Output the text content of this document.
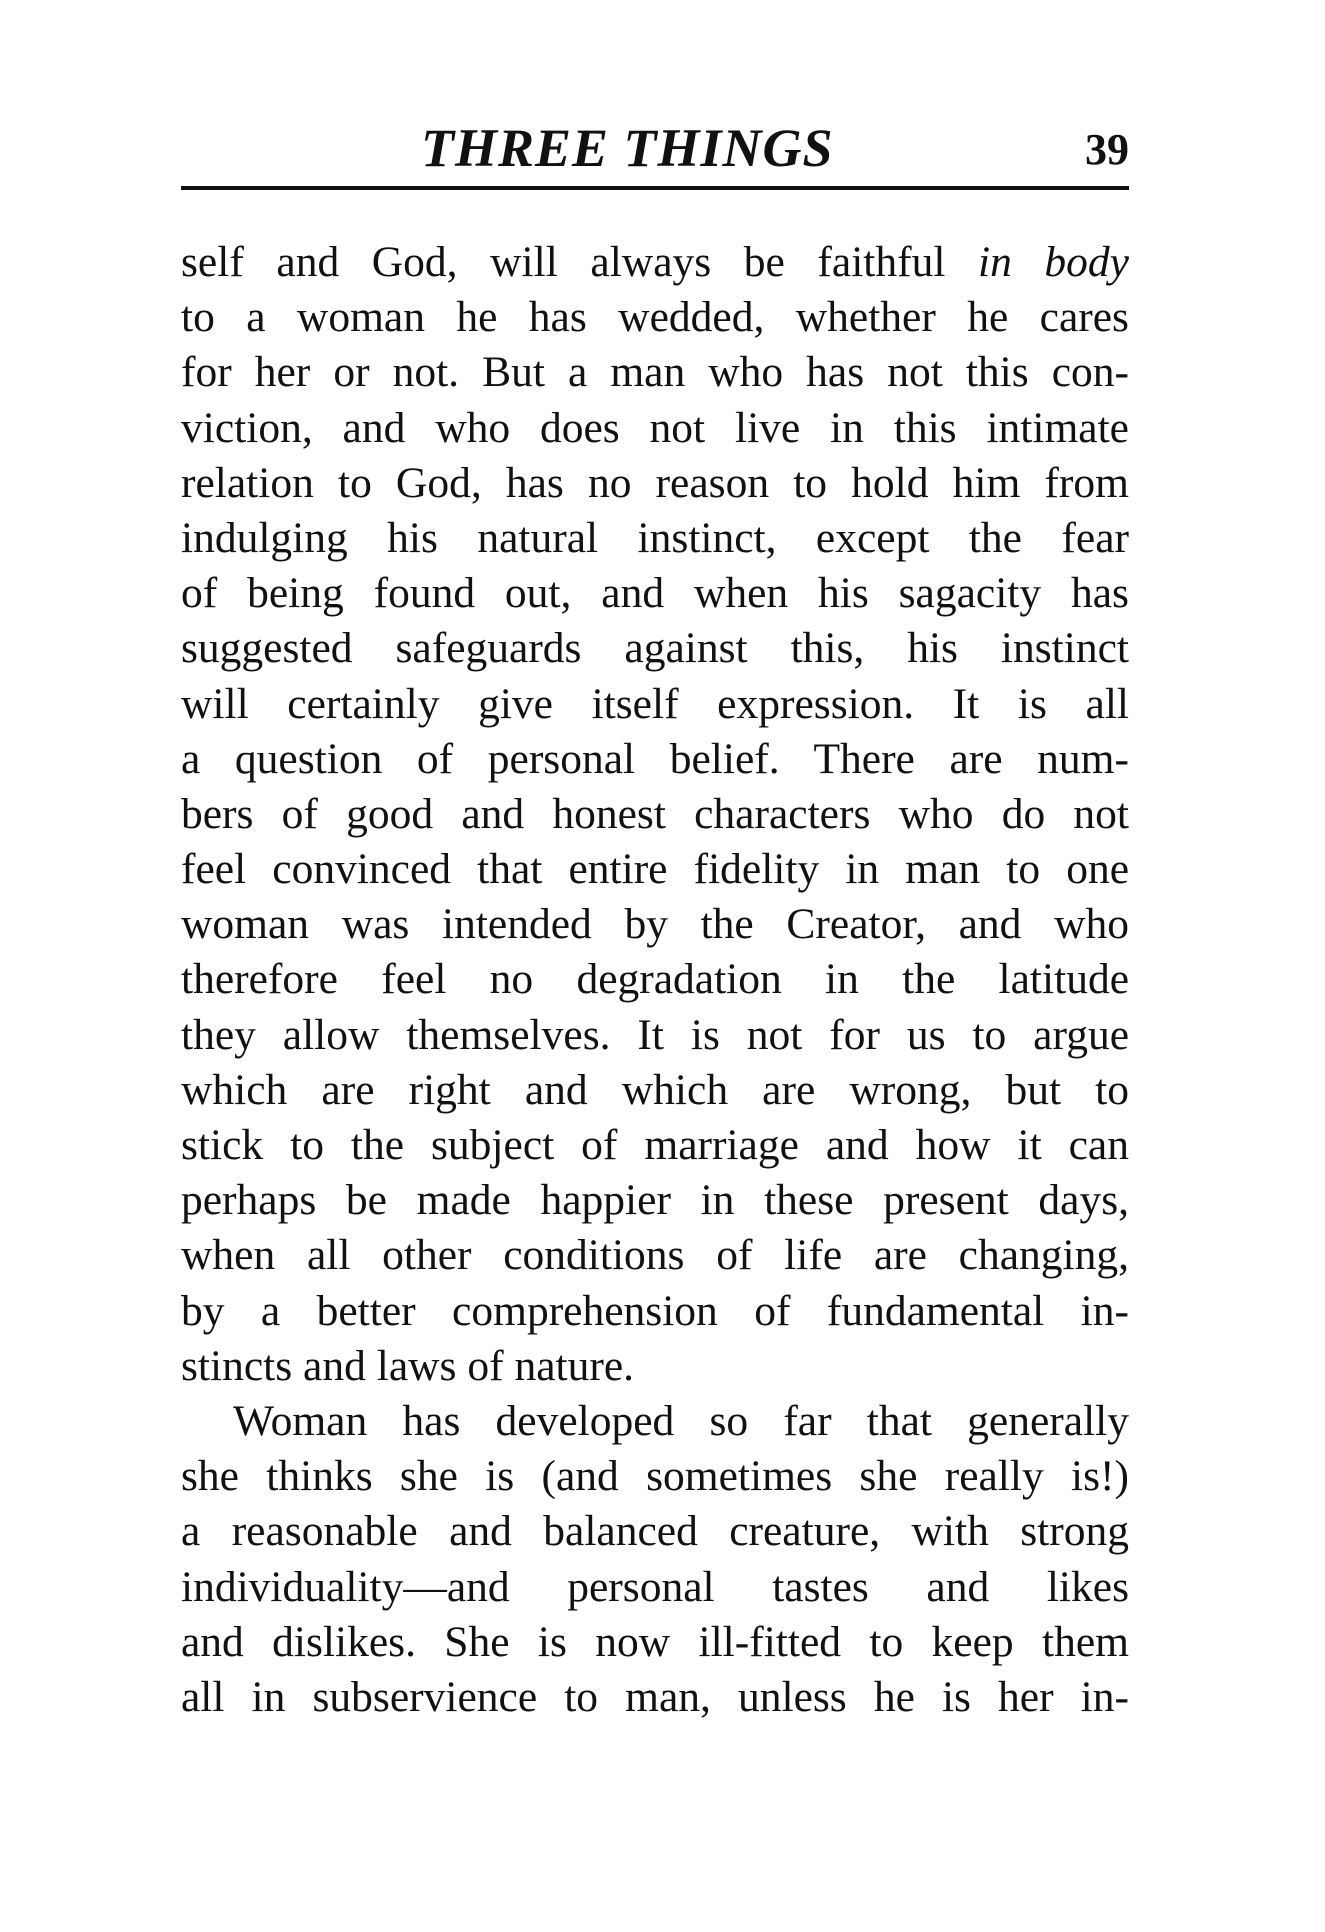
THREE THINGS	39
self and God, will always be faithful in body
to a woman he has wedded, whether he cares
for her or not. But a man who has not this con-
viction, and who does not live in this intimate
relation to God, has no reason to hold him from
indulging his natural instinct, except the fear
of being found out, and when his sagacity has
suggested safeguards against this, his instinct
will certainly give itself expression. It is all
a question of personal belief. There are num-
bers of good and honest characters who do not
feel convinced that entire fidelity in man to one
woman was intended by the Creator, and who
therefore feel no degradation in the latitude
they allow themselves. It is not for us to argue
which are right and which are wrong, but to
stick to the subject of marriage and how it can
perhaps be made happier in these present days,
when all other conditions of life are changing,
by a better comprehension of fundamental in-
stincts and laws of nature.
Woman has developed so far that generally
she thinks she is (and sometimes she really is!)
a reasonable and balanced creature, with strong
individuality—and personal tastes and likes
and dislikes. She is now ill-fitted to keep them
all in subservience to man, unless he is her in-
